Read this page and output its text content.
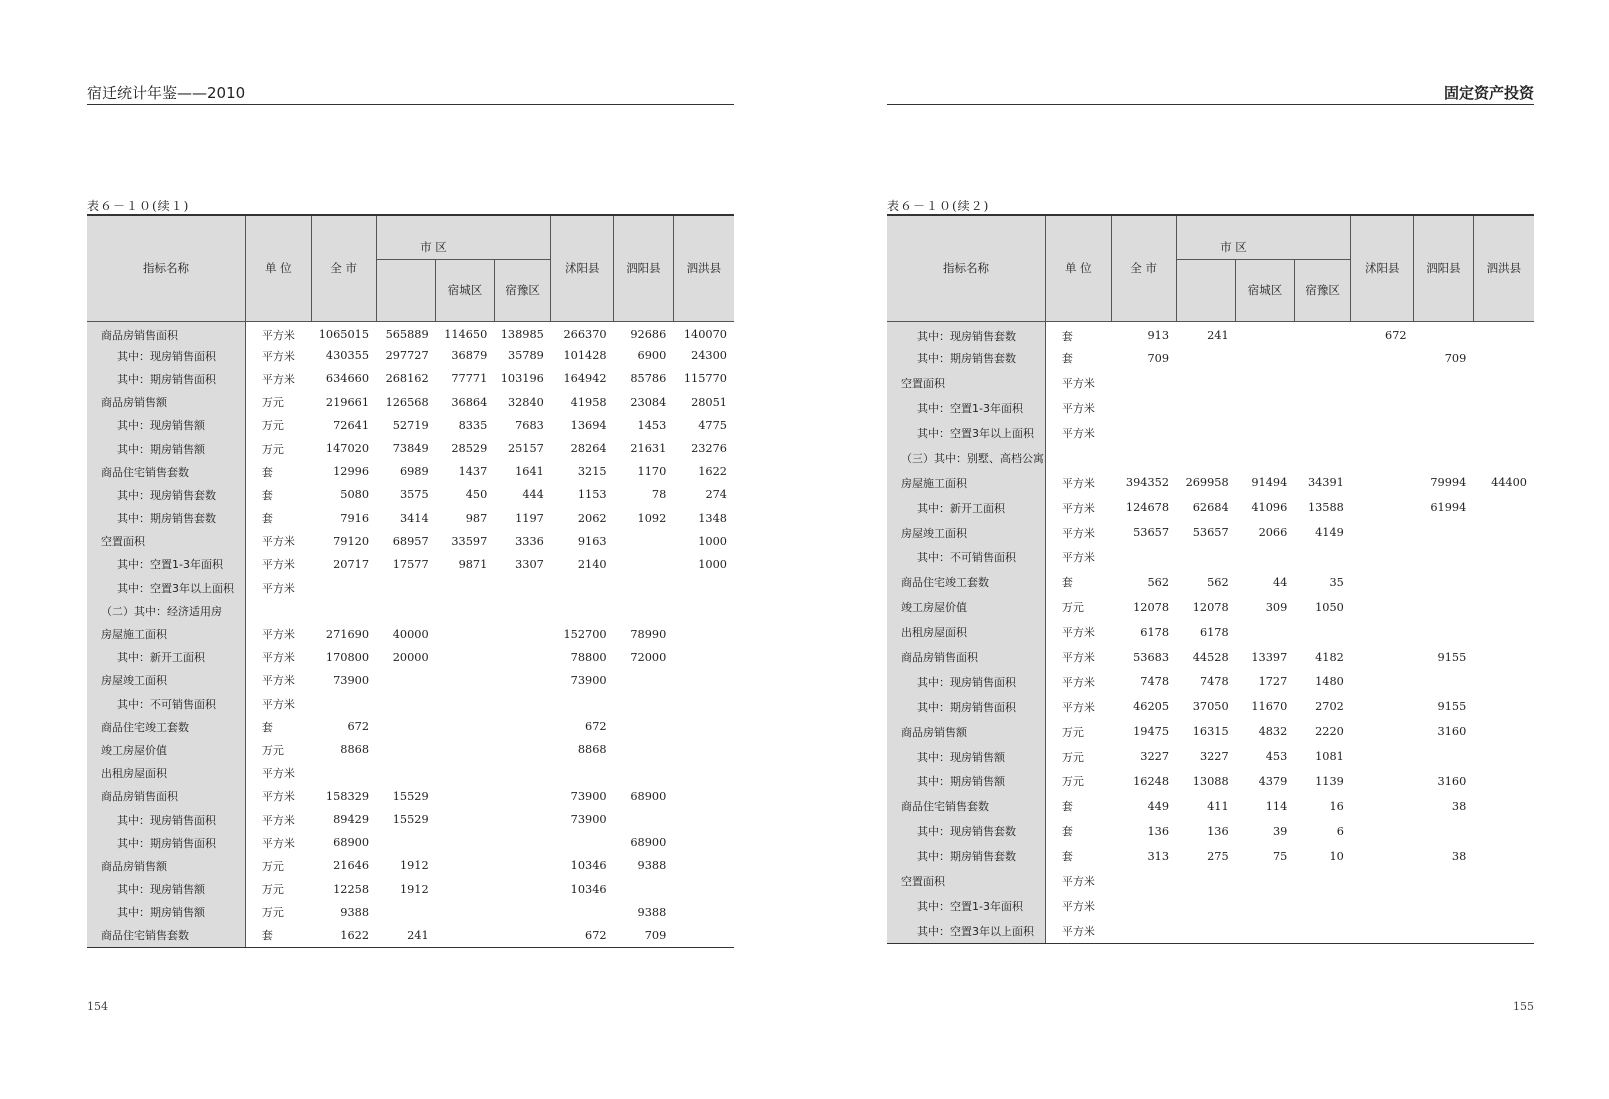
宿迁统计年鉴——2010
表６－１０(续１)
指标名称	单 位	全 市	市 区			沭阳县	泗阳县	泗洪县
				宿城区	宿豫区			
商品房销售面积	平方米	1065015	565889	114650	138985	266370	92686	140070
其中：现房销售面积	平方米	430355	297727	36879	35789	101428	6900	24300
其中：期房销售面积	平方米	634660	268162	77771	103196	164942	85786	115770
商品房销售额	万元	219661	126568	36864	32840	41958	23084	28051
其中：现房销售额	万元	72641	52719	8335	7683	13694	1453	4775
其中：期房销售额	万元	147020	73849	28529	25157	28264	21631	23276
商品住宅销售套数	套	12996	6989	1437	1641	3215	1170	1622
其中：现房销售套数	套	5080	3575	450	444	1153	78	274
其中：期房销售套数	套	7916	3414	987	1197	2062	1092	1348
空置面积	平方米	79120	68957	33597	3336	9163		1000
其中：空置1-3年面积	平方米	20717	17577	9871	3307	2140		1000
其中：空置3年以上面积	平方米							
（二）其中：经济适用房								
房屋施工面积	平方米	271690	40000			152700	78990	
其中：新开工面积	平方米	170800	20000			78800	72000	
房屋竣工面积	平方米	73900				73900		
其中：不可销售面积	平方米							
商品住宅竣工套数	套	672				672		
竣工房屋价值	万元	8868				8868		
出租房屋面积	平方米							
商品房销售面积	平方米	158329	15529			73900	68900	
其中：现房销售面积	平方米	89429	15529			73900		
其中：期房销售面积	平方米	68900					68900	
商品房销售额	万元	21646	1912			10346	9388	
其中：现房销售额	万元	12258	1912			10346		
其中：期房销售额	万元	9388					9388	
商品住宅销售套数	套	1622	241			672	709	
154
固定资产投资
表６－１０(续２)
指标名称	单 位	全 市	市 区			沭阳县	泗阳县	泗洪县
				宿城区	宿豫区			
其中：现房销售套数	套	913	241			672		
其中：期房销售套数	套	709					709	
空置面积	平方米							
其中：空置1-3年面积	平方米							
其中：空置3年以上面积	平方米							
（三）其中：别墅、高档公寓								
房屋施工面积	平方米	394352	269958	91494	34391		79994	44400
其中：新开工面积	平方米	124678	62684	41096	13588		61994	
房屋竣工面积	平方米	53657	53657	2066	4149			
其中：不可销售面积	平方米							
商品住宅竣工套数	套	562	562	44	35			
竣工房屋价值	万元	12078	12078	309	1050			
出租房屋面积	平方米	6178	6178					
商品房销售面积	平方米	53683	44528	13397	4182		9155	
其中：现房销售面积	平方米	7478	7478	1727	1480			
其中：期房销售面积	平方米	46205	37050	11670	2702		9155	
商品房销售额	万元	19475	16315	4832	2220		3160	
其中：现房销售额	万元	3227	3227	453	1081			
其中：期房销售额	万元	16248	13088	4379	1139		3160	
商品住宅销售套数	套	449	411	114	16		38	
其中：现房销售套数	套	136	136	39	6			
其中：期房销售套数	套	313	275	75	10		38	
空置面积	平方米							
其中：空置1-3年面积	平方米							
其中：空置3年以上面积	平方米							
155
